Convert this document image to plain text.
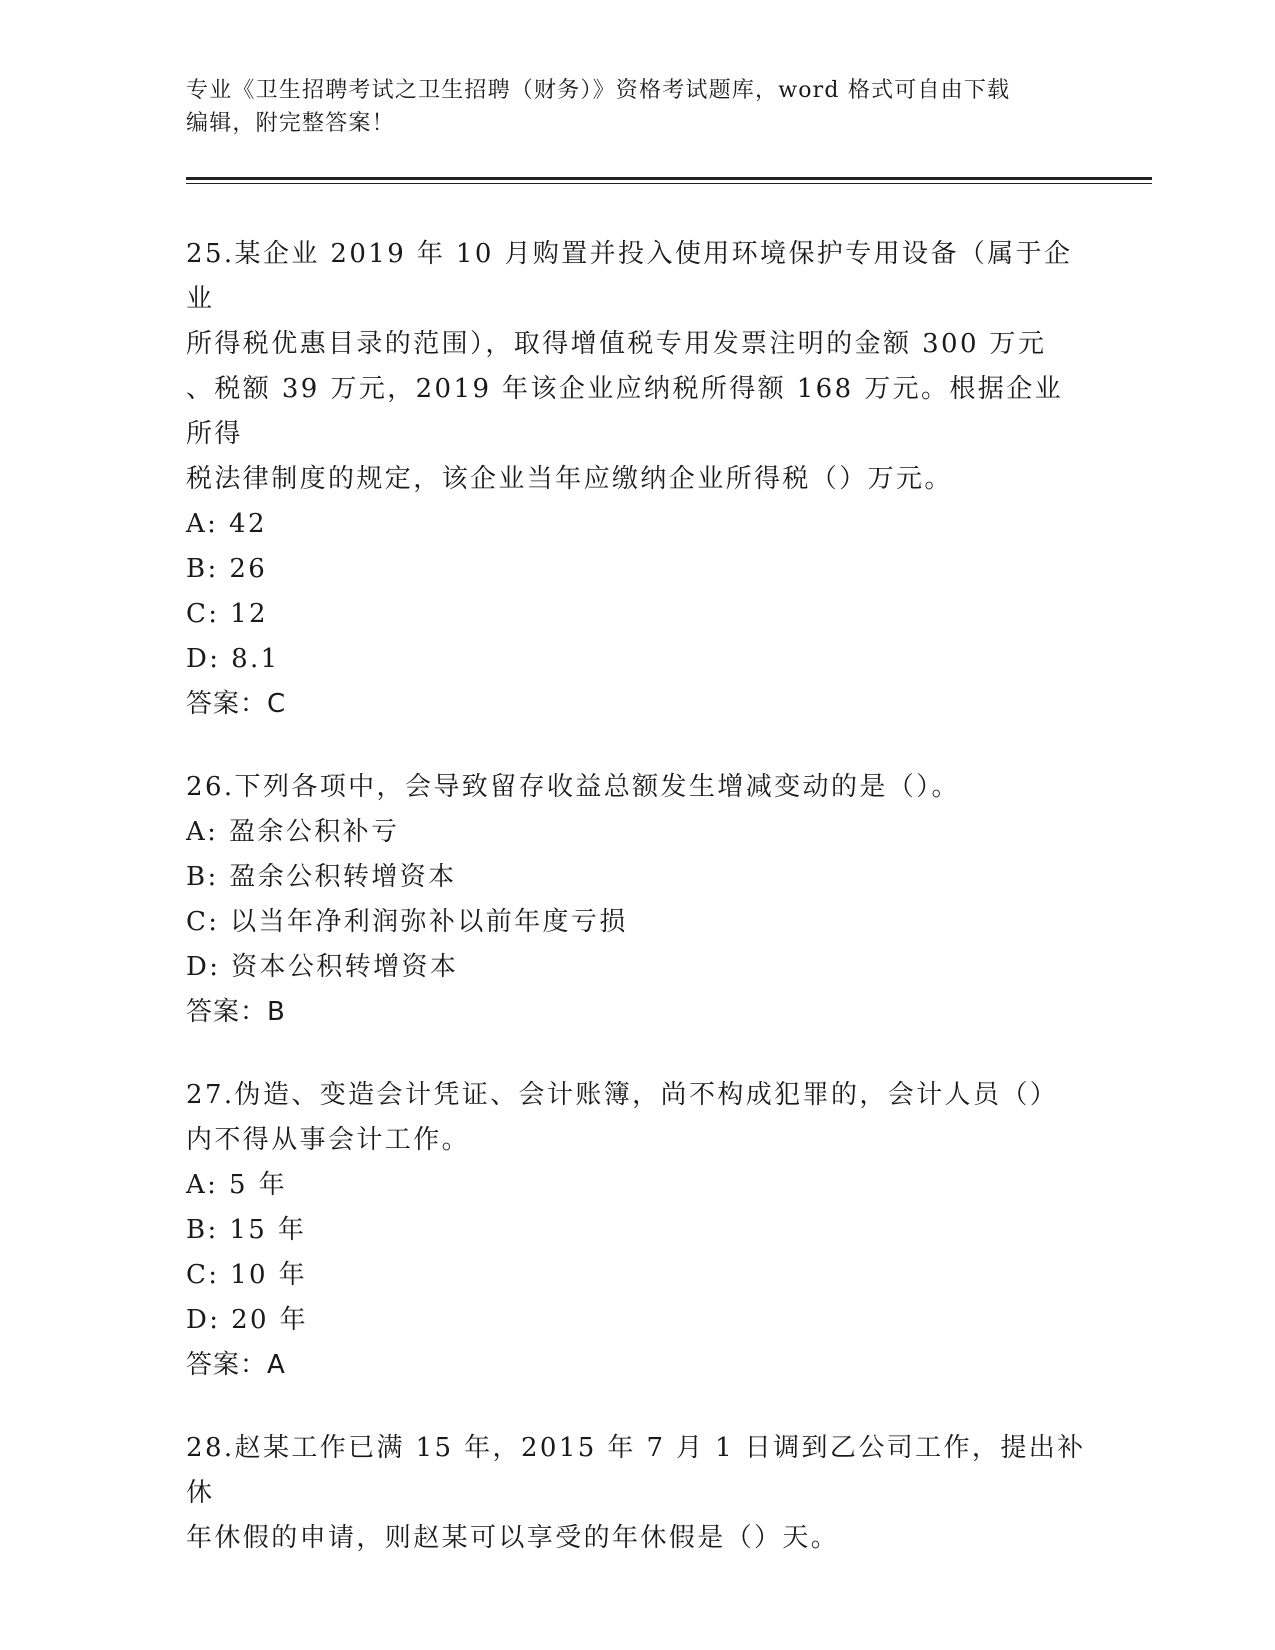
专业《卫生招聘考试之卫生招聘（财务）》资格考试题库，word 格式可自由下载
编辑，附完整答案！

25.某企业 2019 年 10 月购置并投入使用环境保护专用设备（属于企业

所得税优惠目录的范围），取得增值税专用发票注明的金额 300 万元

、税额 39 万元，2019 年该企业应纳税所得额 168 万元。根据企业所得

税法律制度的规定，该企业当年应缴纳企业所得税（）万元。

A: 42

B: 26

C: 12

D: 8.1

答案：C

26.下列各项中，会导致留存收益总额发生增减变动的是（）。

A: 盈余公积补亏

B: 盈余公积转增资本

C: 以当年净利润弥补以前年度亏损

D: 资本公积转增资本

答案：B

27.伪造、变造会计凭证、会计账簿，尚不构成犯罪的，会计人员（）

内不得从事会计工作。

A: 5 年

B: 15 年

C: 10 年

D: 20 年

答案：A

28.赵某工作已满 15 年，2015 年 7 月 1 日调到乙公司工作，提出补休

年休假的申请，则赵某可以享受的年休假是（）天。
